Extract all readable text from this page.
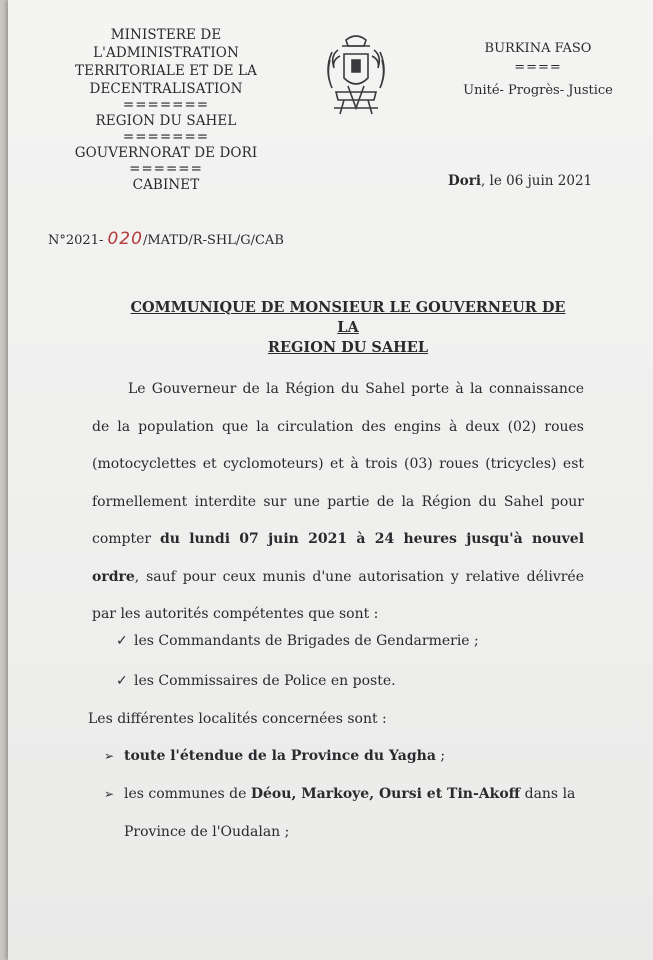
MINISTERE DE L'ADMINISTRATION
TERRITORIALE ET DE LA
DECENTRALISATION
=======
REGION DU SAHEL
=======
GOUVERNORAT DE DORI
======
CABINET
BURKINA FASO
====
Unité- Progrès- Justice
Dori, le 06 juin 2021
N°2021- 020/MATD/R-SHL/G/CAB
COMMUNIQUE DE MONSIEUR LE GOUVERNEUR DE LA
REGION DU SAHEL
Le Gouverneur de la Région du Sahel porte à la connaissance de la population que la circulation des engins à deux (02) roues (motocyclettes et cyclomoteurs) et à trois (03) roues (tricycles) est formellement interdite sur une partie de la Région du Sahel pour compter du lundi 07 juin 2021 à 24 heures jusqu'à nouvel ordre, sauf pour ceux munis d'une autorisation y relative délivrée par les autorités compétentes que sont :
✓ les Commandants de Brigades de Gendarmerie ;
✓ les Commissaires de Police en poste.
Les différentes localités concernées sont :
➢ toute l'étendue de la Province du Yagha ;
➢ les communes de Déou, Markoye, Oursi et Tin-Akoff dans la
Province de l'Oudalan ;
